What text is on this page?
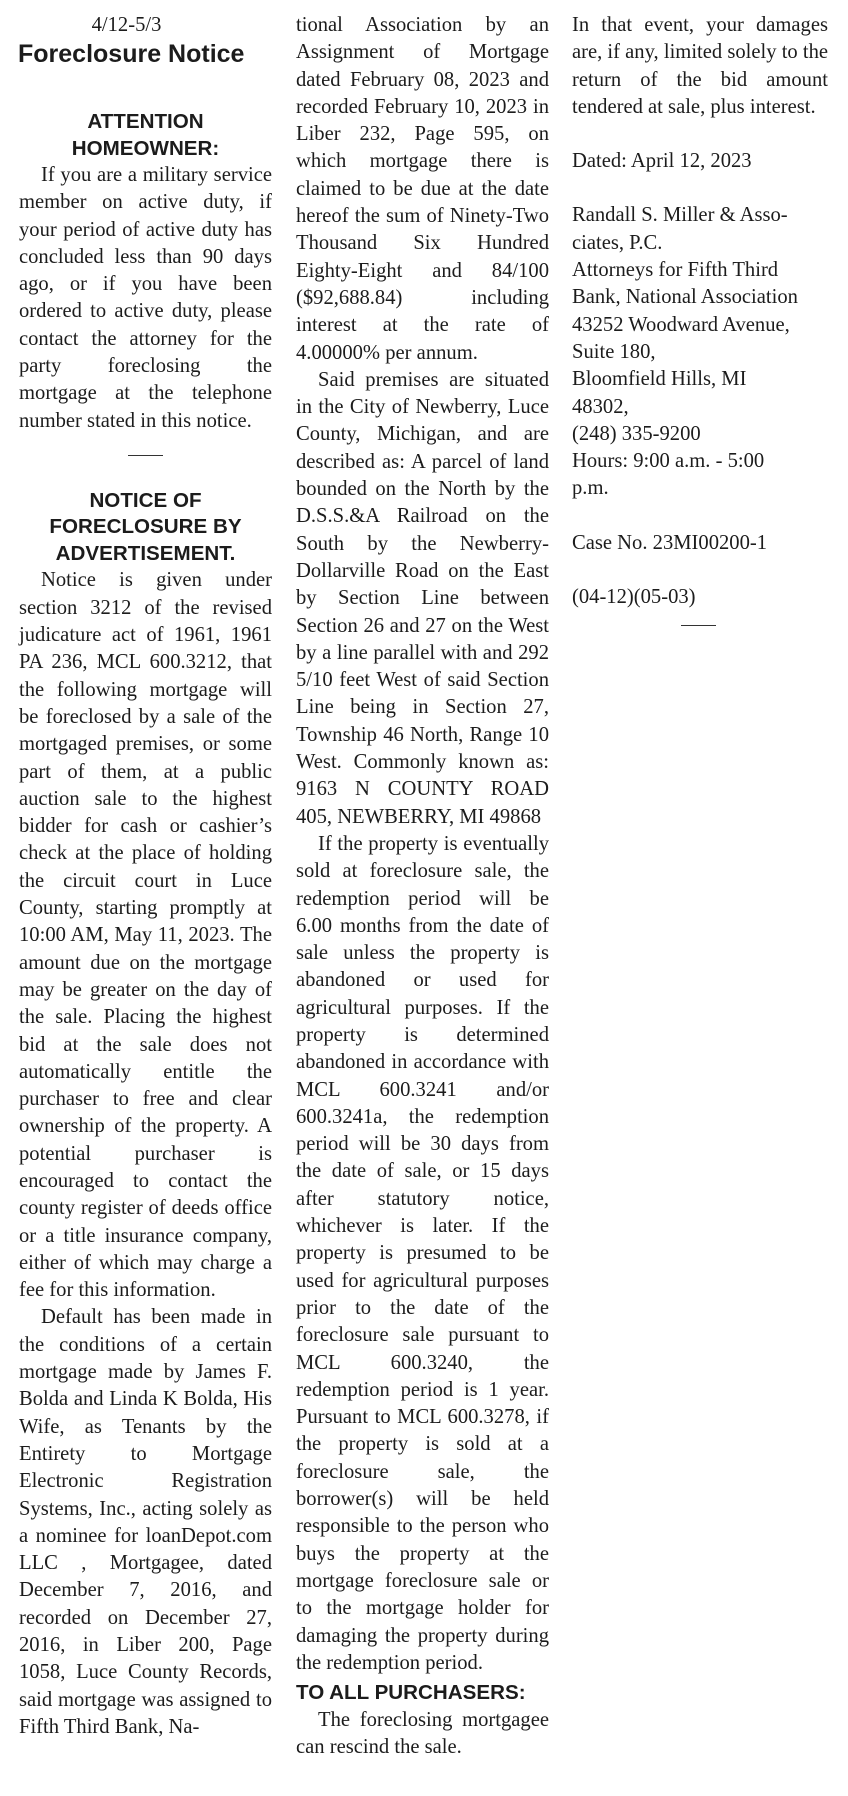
4/12-5/3
Foreclosure Notice
ATTENTION
HOMEOWNER:

If you are a military service member on active duty, if your period of active duty has concluded less than 90 days ago, or if you have been ordered to active duty, please contact the attorney for the party foreclosing the mortgage at the telephone number stated in this notice.

NOTICE OF
FORECLOSURE BY
ADVERTISEMENT.

Notice is given under section 3212 of the revised judicature act of 1961, 1961 PA 236, MCL 600.3212, that the following mortgage will be foreclosed by a sale of the mortgaged premises, or some part of them, at a public auction sale to the highest bidder for cash or cashier’s check at the place of holding the circuit court in Luce County, starting promptly at 10:00 AM, May 11, 2023. The amount due on the mortgage may be greater on the day of the sale. Placing the highest bid at the sale does not automatically entitle the purchaser to free and clear ownership of the property. A potential purchaser is encouraged to contact the county register of deeds office or a title insurance company, either of which may charge a fee for this information.

Default has been made in the conditions of a certain mortgage made by James F. Bolda and Linda K Bolda, His Wife, as Tenants by the Entirety to Mortgage Electronic Registration Systems, Inc., acting solely as a nominee for loanDepot.com LLC , Mortgagee, dated December 7, 2016, and recorded on December 27, 2016, in Liber 200, Page 1058, Luce County Records, said mortgage was assigned to Fifth Third Bank, Na-

tional Association by an Assignment of Mortgage dated February 08, 2023 and recorded February 10, 2023 in Liber 232, Page 595, on which mortgage there is claimed to be due at the date hereof the sum of Ninety-Two Thousand Six Hundred Eighty-Eight and 84/100 ($92,688.84) including interest at the rate of 4.00000% per annum.

Said premises are situated in the City of Newberry, Luce County, Michigan, and are described as: A parcel of land bounded on the North by the D.S.S.&A Railroad on the South by the Newberry-Dollarville Road on the East by Section Line between Section 26 and 27 on the West by a line parallel with and 292 5/10 feet West of said Section Line being in Section 27, Township 46 North, Range 10 West. Commonly known as: 9163 N COUNTY ROAD 405, NEWBERRY, MI 49868

If the property is eventually sold at foreclosure sale, the redemption period will be 6.00 months from the date of sale unless the property is abandoned or used for agricultural purposes. If the property is determined abandoned in accordance with MCL 600.3241 and/or 600.3241a, the redemption period will be 30 days from the date of sale, or 15 days after statutory notice, whichever is later. If the property is presumed to be used for agricultural purposes prior to the date of the foreclosure sale pursuant to MCL 600.3240, the redemption period is 1 year. Pursuant to MCL 600.3278, if the property is sold at a foreclosure sale, the borrower(s) will be held responsible to the person who buys the property at the mortgage foreclosure sale or to the mortgage holder for damaging the property during the redemption period.

TO ALL PURCHASERS:

The foreclosing mortgagee can rescind the sale.

In that event, your damages are, if any, limited solely to the return of the bid amount tendered at sale, plus interest.

Dated: April 12, 2023
Randall S. Miller & Asso-
ciates, P.C.
Attorneys for Fifth Third
Bank, National Association
43252 Woodward Avenue,
Suite 180,
Bloomfield Hills, MI
48302,
(248) 335-9200
Hours: 9:00 a.m. - 5:00
p.m.
Case No. 23MI00200-1
(04-12)(05-03)
